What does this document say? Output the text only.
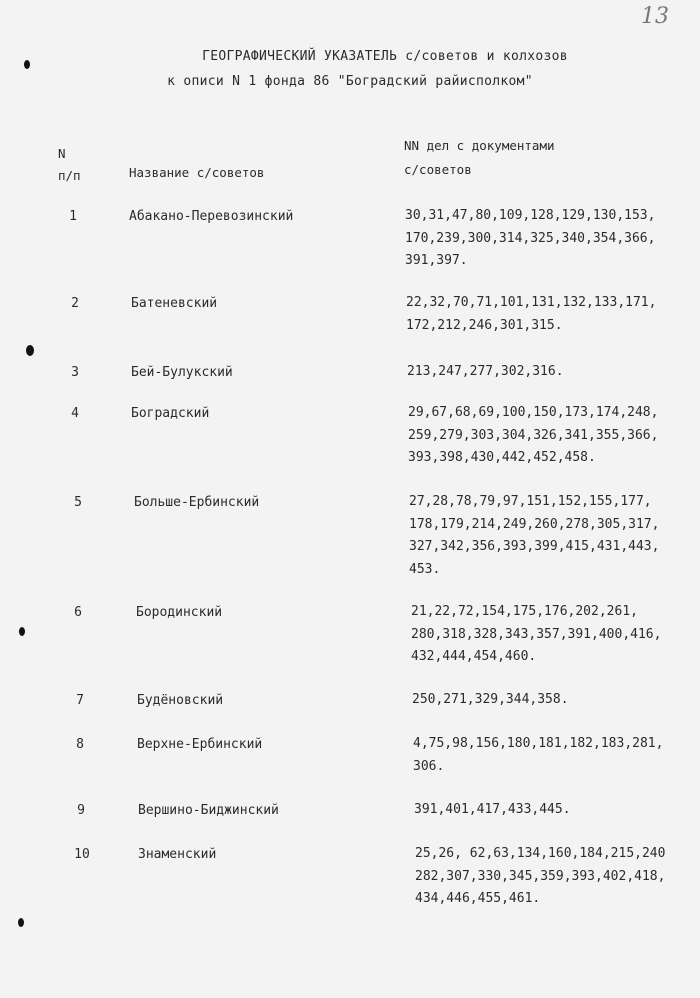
13
ГЕОГРАФИЧЕСКИЙ УКАЗАТЕЛЬ с/советов и колхозов
к описи N 1 фонда 86 "Боградский райисполком"
N
п/п	Название с/советов
NN дел с документами
с/советов
1	Абакано-Перевозинский	30,31,47,80,109,128,129,130,153,
170,239,300,314,325,340,354,366,
391,397.
2	Батеневский	22,32,70,71,101,131,132,133,171,
172,212,246,301,315.
3	Бей-Булукский	213,247,277,302,316.
4	Боградский	29,67,68,69,100,150,173,174,248,
259,279,303,304,326,341,355,366,
393,398,430,442,452,458.
5	Больше-Ербинский	27,28,78,79,97,151,152,155,177,
178,179,214,249,260,278,305,317,
327,342,356,393,399,415,431,443,
453.
6	Бородинский	21,22,72,154,175,176,202,261,
280,318,328,343,357,391,400,416,
432,444,454,460.
7	Будёновский	250,271,329,344,358.
8	Верхне-Ербинский	4,75,98,156,180,181,182,183,281,
306.
9	Вершино-Биджинский	391,401,417,433,445.
10	Знаменский	25,26, 62,63,134,160,184,215,240
282,307,330,345,359,393,402,418,
434,446,455,461.
